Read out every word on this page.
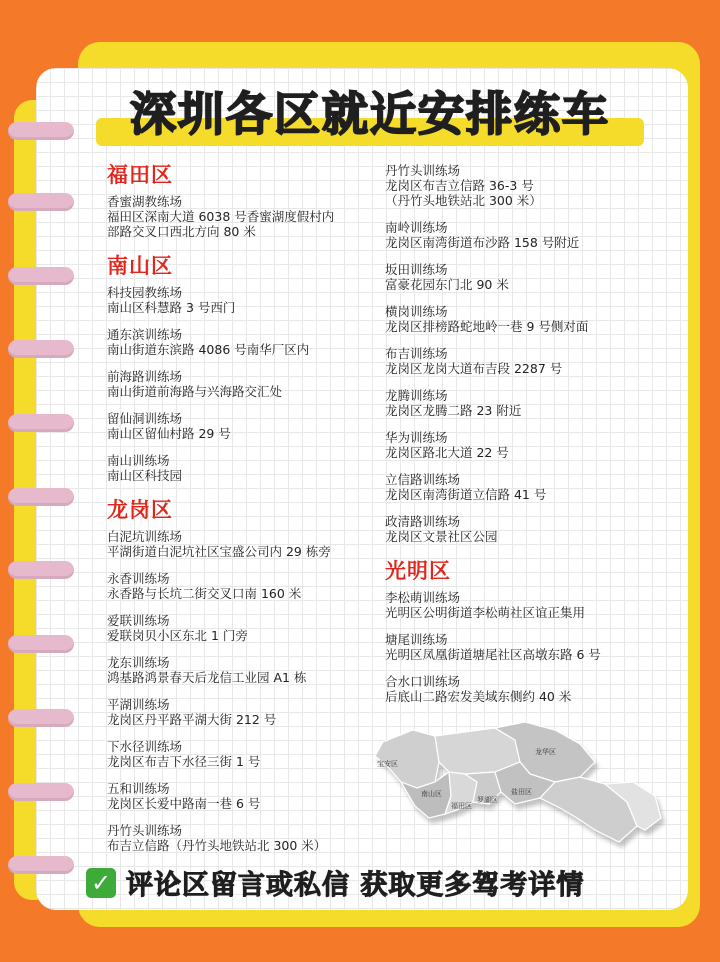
深圳各区就近安排练车
福田区
香蜜湖教练场
福田区深南大道 6038 号香蜜湖度假村内
部路交叉口西北方向 80 米
南山区
科技园教练场
南山区科慧路 3 号西门
通东滨训练场
南山街道东滨路 4086 号南华厂区内
前海路训练场
南山街道前海路与兴海路交汇处
留仙洞训练场
南山区留仙村路 29 号
南山训练场
南山区科技园
龙岗区
白泥坑训练场
平湖街道白泥坑社区宝盛公司内 29 栋旁
永香训练场
永香路与长坑二街交叉口南 160 米
爱联训练场
爱联岗贝小区东北 1 门旁
龙东训练场
鸿基路鸿景春天后龙信工业园 A1 栋
平湖训练场
龙岗区丹平路平湖大街 212 号
下水径训练场
龙岗区布吉下水径三街 1 号
五和训练场
龙岗区长爱中路南一巷 6 号
丹竹头训练场
布吉立信路（丹竹头地铁站北 300 米）
丹竹头训练场
龙岗区布吉立信路 36-3 号
（丹竹头地铁站北 300 米）
南岭训练场
龙岗区南湾街道布沙路 158 号附近
坂田训练场
富豪花园东门北 90 米
横岗训练场
龙岗区排榜路蛇地岭一巷 9 号侧对面
布吉训练场
龙岗区龙岗大道布吉段 2287 号
龙腾训练场
龙岗区龙腾二路 23 附近
华为训练场
龙岗区路北大道 22 号
立信路训练场
龙岗区南湾街道立信路 41 号
政清路训练场
龙岗区文景社区公园
光明区
李松萌训练场
光明区公明街道李松萌社区谊正集用
塘尾训练场
光明区凤凰街道塘尾社区高墩东路 6 号
合水口训练场
后底山二路宏发美域东侧约 40 米
宝安区
龙华区
南山区
福田区
罗湖区
盐田区
✓ 评论区留言或私信 获取更多驾考详情
